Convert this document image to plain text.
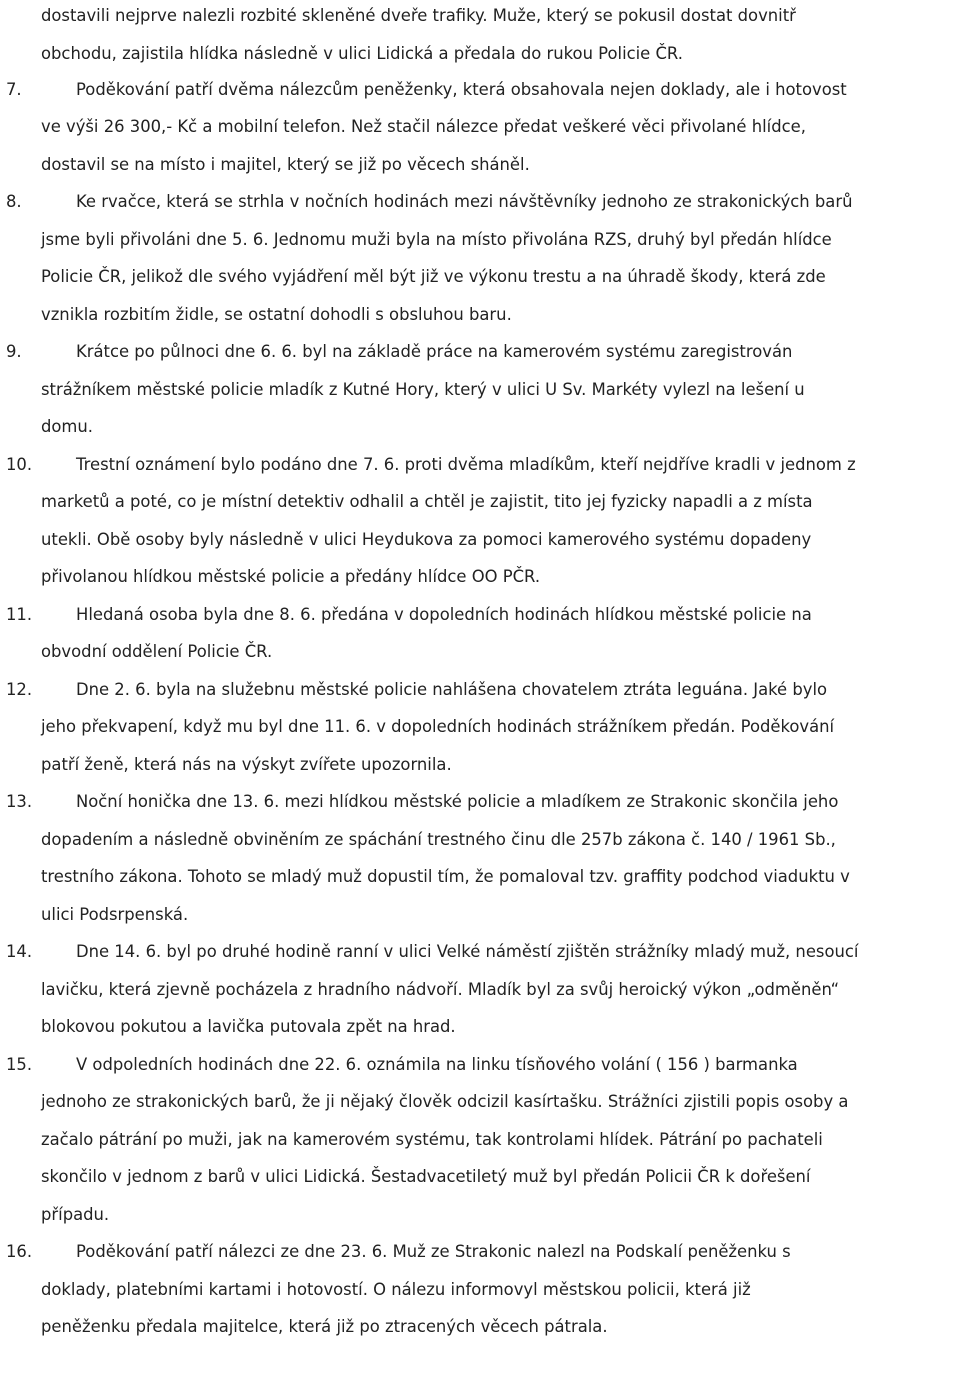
dostavili nejprve nalezli rozbité skleněné dveře trafiky. Muže, který se pokusil dostat dovnitř
obchodu, zajistila hlídka následně v ulici Lidická a předala do rukou Policie ČR.
7.	Poděkování patří dvěma nálezcům peněženky, která obsahovala nejen doklady, ale i hotovost
ve výši 26 300,- Kč a mobilní telefon. Než stačil nálezce předat veškeré věci přivolané hlídce,
dostavil se na místo i majitel, který se již po věcech sháněl.
8.	Ke rvačce, která se strhla v nočních hodinách mezi návštěvníky jednoho ze strakonických barů
jsme byli přivoláni dne 5. 6. Jednomu muži byla na místo přivolána RZS, druhý byl předán hlídce
Policie ČR, jelikož dle svého vyjádření měl být již ve výkonu trestu a na úhradě škody, která zde
vznikla rozbitím židle, se ostatní dohodli s obsluhou baru.
9.	Krátce po půlnoci dne 6. 6. byl na základě práce na kamerovém systému zaregistrován
strážníkem městské policie mladík z Kutné Hory, který v ulici U Sv. Markéty vylezl na lešení u
domu.
10.	Trestní oznámení bylo podáno dne 7. 6. proti dvěma mladíkům, kteří nejdříve kradli v jednom z
marketů a poté, co je místní detektiv odhalil a chtěl je zajistit, tito jej fyzicky napadli a z místa
utekli. Obě osoby byly následně v ulici Heydukova za pomoci kamerového systému dopadeny
přivolanou hlídkou městské policie a předány hlídce OO PČR.
11.	Hledaná osoba byla dne 8. 6. předána v dopoledních hodinách hlídkou městské policie na
obvodní oddělení Policie ČR.
12.	Dne 2. 6. byla na služebnu městské policie nahlášena chovatelem ztráta leguána. Jaké bylo
jeho překvapení, když mu byl dne 11. 6. v dopoledních hodinách strážníkem předán. Poděkování
patří ženě, která nás na výskyt zvířete upozornila.
13.	Noční honička dne 13. 6. mezi hlídkou městské policie a mladíkem ze Strakonic skončila jeho
dopadením a následně obviněním ze spáchání trestného činu dle 257b zákona č. 140 / 1961 Sb.,
trestního zákona. Tohoto se mladý muž dopustil tím, že pomaloval tzv. graffity podchod viaduktu v
ulici Podsrpenská.
14.	Dne 14. 6. byl po druhé hodině ranní v ulici Velké náměstí zjištěn strážníky mladý muž, nesoucí
lavičku, která zjevně pocházela z hradního nádvoří. Mladík byl za svůj heroický výkon „odměněn“
blokovou pokutou a lavička putovala zpět na hrad.
15.	V odpoledních hodinách dne 22. 6. oznámila na linku tísňového volání ( 156 ) barmanka
jednoho ze strakonických barů, že ji nějaký člověk odcizil kasírtašku. Strážníci zjistili popis osoby a
začalo pátrání po muži, jak na kamerovém systému, tak kontrolami hlídek. Pátrání po pachateli
skončilo v jednom z barů v ulici Lidická. Šestadvacetiletý muž byl předán Policii ČR k dořešení
případu.
16.	Poděkování patří nálezci ze dne 23. 6. Muž ze Strakonic nalezl na Podskalí peněženku s
doklady, platebními kartami i hotovostí. O nálezu informovyl městskou policii, která již
peněženku předala majitelce, která již po ztracených věcech pátrala.
